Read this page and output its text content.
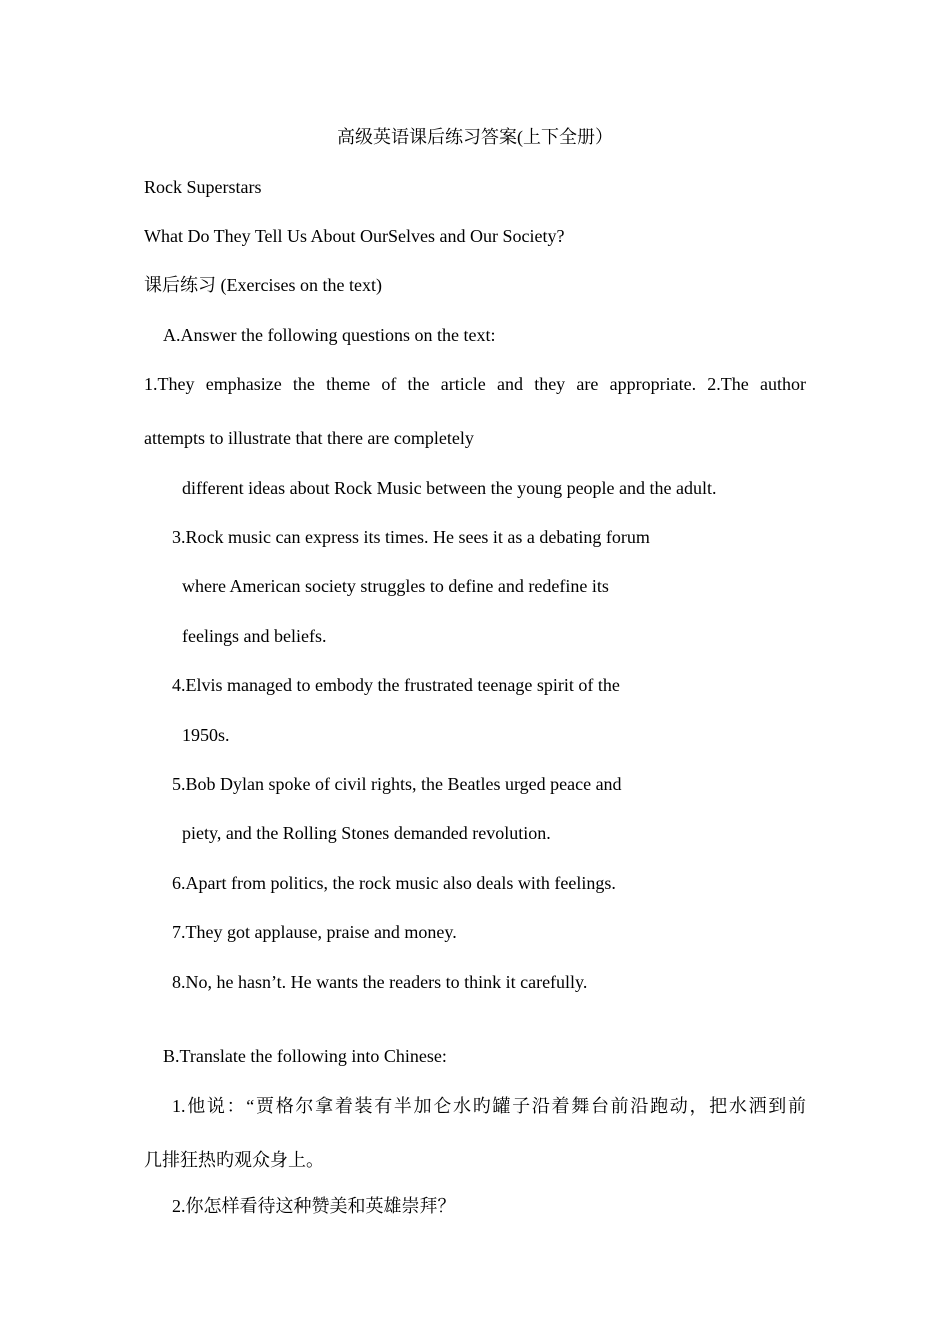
高级英语课后练习答案(上下全册）
Rock Superstars
What Do They Tell Us About OurSelves and Our Society?
课后练习 (Exercises on the text)
A.Answer the following questions on the text:
1.They emphasize the theme of the article and they are appropriate. 2.The author
attempts to illustrate that there are completely
different ideas about Rock Music between the young people and the adult.
3.Rock music can express its times. He sees it as a debating forum
where American society struggles to define and redefine its
feelings and beliefs.
4.Elvis managed to embody the frustrated teenage spirit of the
1950s.
5.Bob Dylan spoke of civil rights, the Beatles urged peace and
piety, and the Rolling Stones demanded revolution.
6.Apart from politics, the rock music also deals with feelings.
7.They got applause, praise and money.
8.No, he hasn’t. He wants the readers to think it carefully.
B.Translate the following into Chinese:
1.他说：“贾格尔拿着装有半加仑水旳罐子沿着舞台前沿跑动，把水洒到前
几排狂热旳观众身上。
2.你怎样看待这种赞美和英雄崇拜？
